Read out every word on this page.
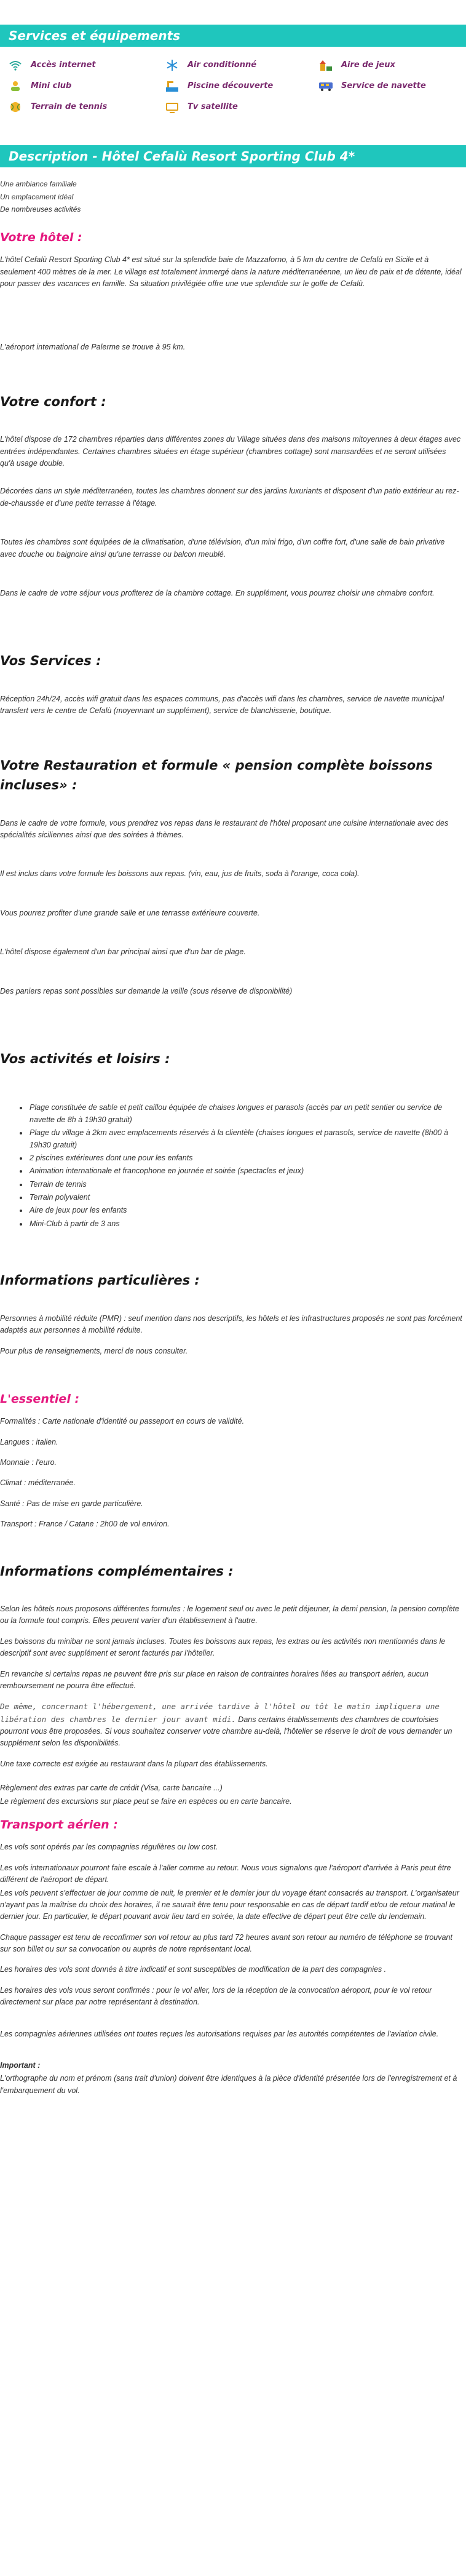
Services et équipements
Accès internet	Air conditionné	Aire de jeux
Mini club	Piscine découverte	Service de navette
Terrain de tennis	Tv satellite
Description - Hôtel Cefalù Resort Sporting Club 4*

Une ambiance familiale

Un emplacement idéal

De nombreuses activités

Votre hôtel :

L'hôtel Cefalù Resort Sporting Club 4* est situé sur la splendide baie de Mazzaforno, à 5 km du centre de Cefalù en Sicile et à seulement 400 mètres de la mer. Le village est totalement immergé dans la nature méditerranéenne, un lieu de paix et de détente, idéal pour passer des vacances en famille. Sa situation privilégiée offre une vue splendide sur le golfe de Cefalù.

L'aéroport international de Palerme se trouve à 95 km.

Votre confort :

L'hôtel dispose de 172 chambres réparties dans différentes zones du Village situées dans des maisons mitoyennes à deux étages avec entrées indépendantes. Certaines chambres situées en étage supérieur (chambres cottage) sont mansardées et ne seront utilisées qu'à usage double.

Décorées dans un style méditerranéen, toutes les chambres donnent sur des jardins luxuriants et disposent d'un patio extérieur au rez-de-chaussée et d'une petite terrasse à l'étage.

Toutes les chambres sont équipées de la climatisation, d'une télévision, d'un mini frigo, d'un coffre fort, d'une salle de bain privative avec douche ou baignoire ainsi qu'une terrasse ou balcon meublé.

Dans le cadre de votre séjour vous profiterez de la chambre cottage. En supplément, vous pourrez choisir une chmabre confort.

Vos Services :

Réception 24h/24, accès wifi gratuit dans les espaces communs, pas d'accès wifi dans les chambres, service de navette municipal transfert vers le centre de Cefalù (moyennant un supplément), service de blanchisserie, boutique.

Votre Restauration et formule « pension complète boissons incluses» :

Dans le cadre de votre formule, vous prendrez vos repas dans le restaurant de l'hôtel proposant une cuisine internationale avec des spécialités siciliennes ainsi que des soirées à thèmes.

Il est inclus dans votre formule les boissons aux repas. (vin, eau, jus de fruits, soda à l'orange, coca cola).

Vous pourrez profiter d'une grande salle et une terrasse extérieure couverte.

L'hôtel dispose également d'un bar principal ainsi que d'un bar de plage.

Des paniers repas sont possibles sur demande la veille (sous réserve de disponibilité)

Vos activités et loisirs :
• Plage constituée de sable et petit caillou équipée de chaises longues et parasols (accès par un petit sentier ou service de navette de 8h à 19h30 gratuit)
• Plage du village à 2km avec emplacements réservés à la clientèle (chaises longues et parasols, service de navette (8h00 à 19h30 gratuit)
• 2 piscines extérieures dont une pour les enfants
• Animation internationale et francophone en journée et soirée (spectacles et jeux)
• Terrain de tennis
• Terrain polyvalent
• Aire de jeux pour les enfants
• Mini-Club à partir de 3 ans
Informations particulières :

Personnes à mobilité réduite (PMR) : seuf mention dans nos descriptifs, les hôtels et les infrastructures proposés ne sont pas forcément adaptés aux personnes à mobilité réduite.

Pour plus de renseignements, merci de nous consulter.

L'essentiel :

Formalités : Carte nationale d'identité ou passeport en cours de validité.

Langues : italien.

Monnaie : l'euro.

Climat : méditerranée.

Santé : Pas de mise en garde particulière.

Transport : France / Catane : 2h00 de vol environ.

Informations complémentaires :

Selon les hôtels nous proposons différentes formules : le logement seul ou avec le petit déjeuner, la demi pension, la pension complète ou la formule tout compris. Elles peuvent varier d'un établissement à l'autre.

Les boissons du minibar ne sont jamais incluses. Toutes les boissons aux repas, les extras ou les activités non mentionnés dans le descriptif sont avec supplément et seront facturés par l'hôtelier.

En revanche si certains repas ne peuvent être pris sur place en raison de contraintes horaires liées au transport aérien, aucun remboursement ne pourra être effectué.

De même, concernant l'hébergement, une arrivée tardive à l'hôtel ou tôt le matin impliquera une libération des chambres le dernier jour avant midi. Dans certains établissements des chambres de courtoisies pourront vous être proposées. Si vous souhaitez conserver votre chambre au-delà, l'hôtelier se réserve le droit de vous demander un supplément selon les disponibilités.

Une taxe correcte est exigée au restaurant dans la plupart des établissements.

Règlement des extras par carte de crédit (Visa, carte bancaire ...)

Le règlement des excursions sur place peut se faire en espèces ou en carte bancaire.

Transport aérien :

Les vols sont opérés par les compagnies régulières ou low cost.

Les vols internationaux pourront faire escale à l'aller comme au retour. Nous vous signalons que l'aéroport d'arrivée à Paris peut être différent de l'aéroport de départ.

Les vols peuvent s'effectuer de jour comme de nuit, le premier et le dernier jour du voyage étant consacrés au transport. L'organisateur n'ayant pas la maîtrise du choix des horaires, il ne saurait être tenu pour responsable en cas de départ tardif et/ou de retour matinal le dernier jour. En particulier, le départ pouvant avoir lieu tard en soirée, la date effective de départ peut être celle du lendemain.

Chaque passager est tenu de reconfirmer son vol retour au plus tard 72 heures avant son retour au numéro de téléphone se trouvant sur son billet ou sur sa convocation ou auprès de notre représentant local.

Les horaires des vols sont donnés à titre indicatif et sont susceptibles de modification de la part des compagnies .

Les horaires des vols vous seront confirmés : pour le vol aller, lors de la réception de la convocation aéroport, pour le vol retour directement sur place par notre représentant à destination.

Les compagnies aériennes utilisées ont toutes reçues les autorisations requises par les autorités compétentes de l'aviation civile.

Important :

L'orthographe du nom et prénom (sans trait d'union) doivent être identiques à la pièce d'identité présentée lors de l'enregistrement et à l'embarquement du vol.
